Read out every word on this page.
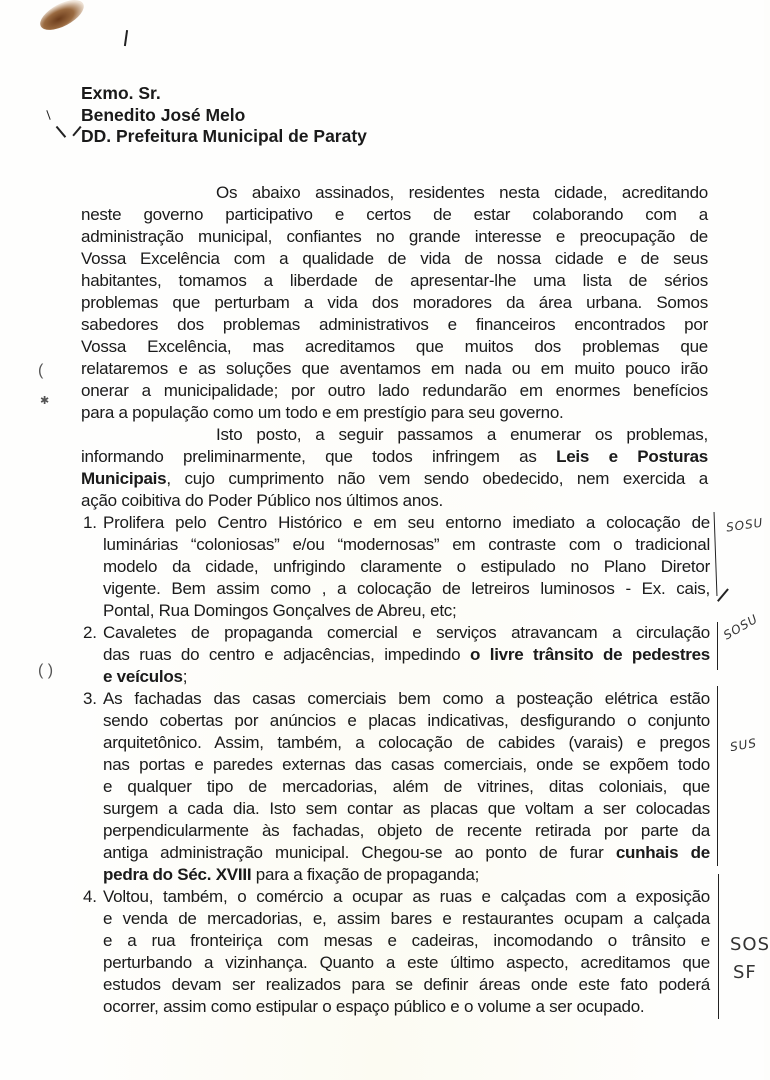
Exmo. Sr.
Benedito José Melo
DD. Prefeitura Municipal de Paraty
Os abaixo assinados, residentes nesta cidade, acreditando
neste governo participativo e certos de estar colaborando com a
administração municipal, confiantes no grande interesse e preocupação de
Vossa Excelência com a qualidade de vida de nossa cidade e de seus
habitantes, tomamos a liberdade de apresentar-lhe uma lista de sérios
problemas que perturbam a vida dos moradores da área urbana. Somos
sabedores dos problemas administrativos e financeiros encontrados por
Vossa Excelência, mas acreditamos que muitos dos problemas que
relataremos e as soluções que aventamos em nada ou em muito pouco irão
onerar a municipalidade; por outro lado redundarão em enormes benefícios
para a população como um todo e em prestígio para seu governo.
Isto posto, a seguir passamos a enumerar os problemas,
informando preliminarmente, que todos infringem as Leis e Posturas
Municipais, cujo cumprimento não vem sendo obedecido, nem exercida a
ação coibitiva do Poder Público nos últimos anos.
1. Prolifera pelo Centro Histórico e em seu entorno imediato a colocação de
luminárias “coloniosas” e/ou “modernosas” em contraste com o tradicional
modelo da cidade, unfrigindo claramente o estipulado no Plano Diretor
vigente. Bem assim como , a colocação de letreiros luminosos - Ex. cais,
Pontal, Rua Domingos Gonçalves de Abreu, etc;
SOSU
2. Cavaletes de propaganda comercial e serviços atravancam a circulação
das ruas do centro e adjacências, impedindo o livre trânsito de pedestres
e veículos;
SOSU
3. As fachadas das casas comerciais bem como a posteação elétrica estão
sendo cobertas por anúncios e placas indicativas, desfigurando o conjunto
arquitetônico. Assim, também, a colocação de cabides (varais) e pregos
nas portas e paredes externas das casas comerciais, onde se expõem todo
e qualquer tipo de mercadorias, além de vitrines, ditas coloniais, que
surgem a cada dia. Isto sem contar as placas que voltam a ser colocadas
perpendicularmente às fachadas, objeto de recente retirada por parte da
antiga administração municipal. Chegou-se ao ponto de furar cunhais de
pedra do Séc. XVIII para a fixação de propaganda;
SUS
4. Voltou, também, o comércio a ocupar as ruas e calçadas com a exposição
e venda de mercadorias, e, assim bares e restaurantes ocupam a calçada
e a rua fronteiriça com mesas e cadeiras, incomodando o trânsito e
perturbando a vizinhança. Quanto a este último aspecto, acreditamos que
estudos devam ser realizados para se definir áreas onde este fato poderá
ocorrer, assim como estipular o espaço público e o volume a ser ocupado.
SOS
SF
(
✱
( )
